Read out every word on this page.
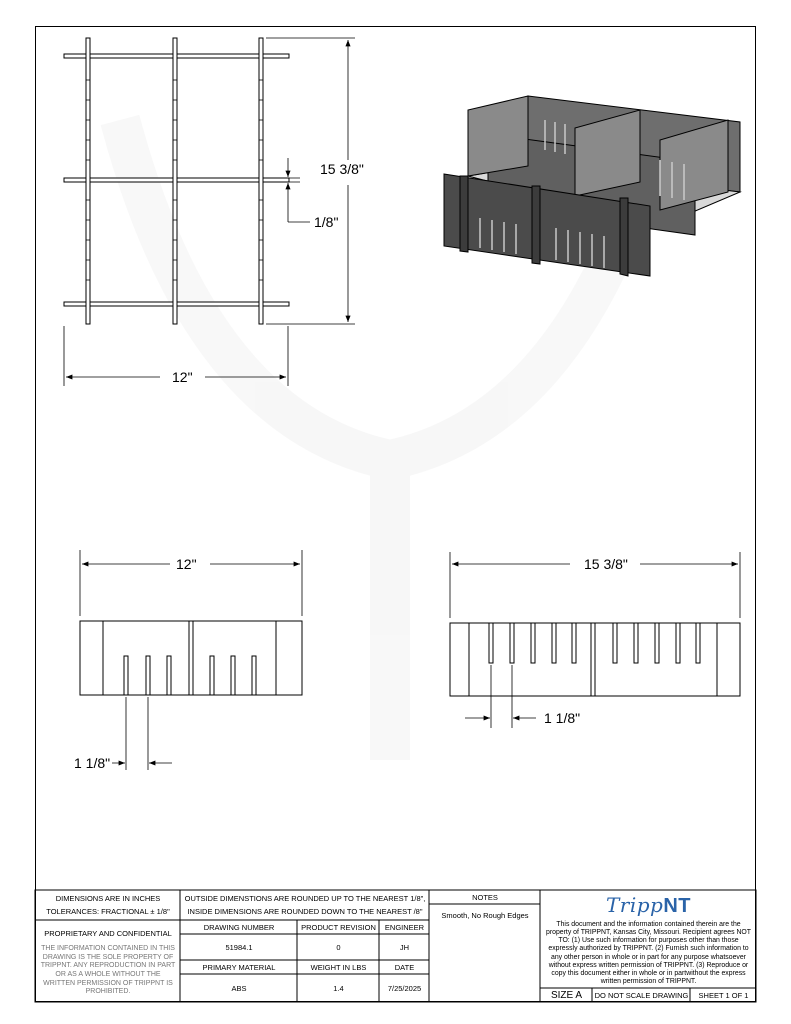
15 3/8"
1/8"
12"
12"
1 1/8"
15 3/8"
1 1/8"
DIMENSIONS ARE IN INCHES
TOLERANCES: FRACTIONAL ± 1/8"
OUTSIDE DIMENSTIONS ARE ROUNDED UP TO THE NEAREST 1/8",
INSIDE DIMENSIONS ARE ROUNDED DOWN TO THE NEAREST /8"
NOTES
Smooth, No Rough Edges
PROPRIETARY AND CONFIDENTIAL
THE INFORMATION CONTAINED IN THIS DRAWING IS THE SOLE PROPERTY OF TRIPPNT. ANY REPRODUCTION IN PART OR AS A WHOLE WITHOUT THE WRITTEN PERMISSION OF TRIPPNT IS PROHIBITED.
DRAWING NUMBER	PRODUCT REVISION	ENGINEER
51984.1	0	JH
PRIMARY MATERIAL	WEIGHT IN LBS	DATE
ABS	1.4	7/25/2025
TrippNT
This document and the information contained therein are the property of TRIPPNT, Kansas City, Missouri. Recipient agrees NOT TO: (1) Use such information for purposes other than those expressly authorized by TRIPPNT. (2) Furnish such information to any other person in whole or in part for any purpose whatsoever without express written permission of TRIPPNT. (3) Reproduce or copy this document either in whole or in partwithout the express written permission of TRIPPNT.
SIZE A	DO NOT SCALE DRAWING	SHEET 1 OF 1
